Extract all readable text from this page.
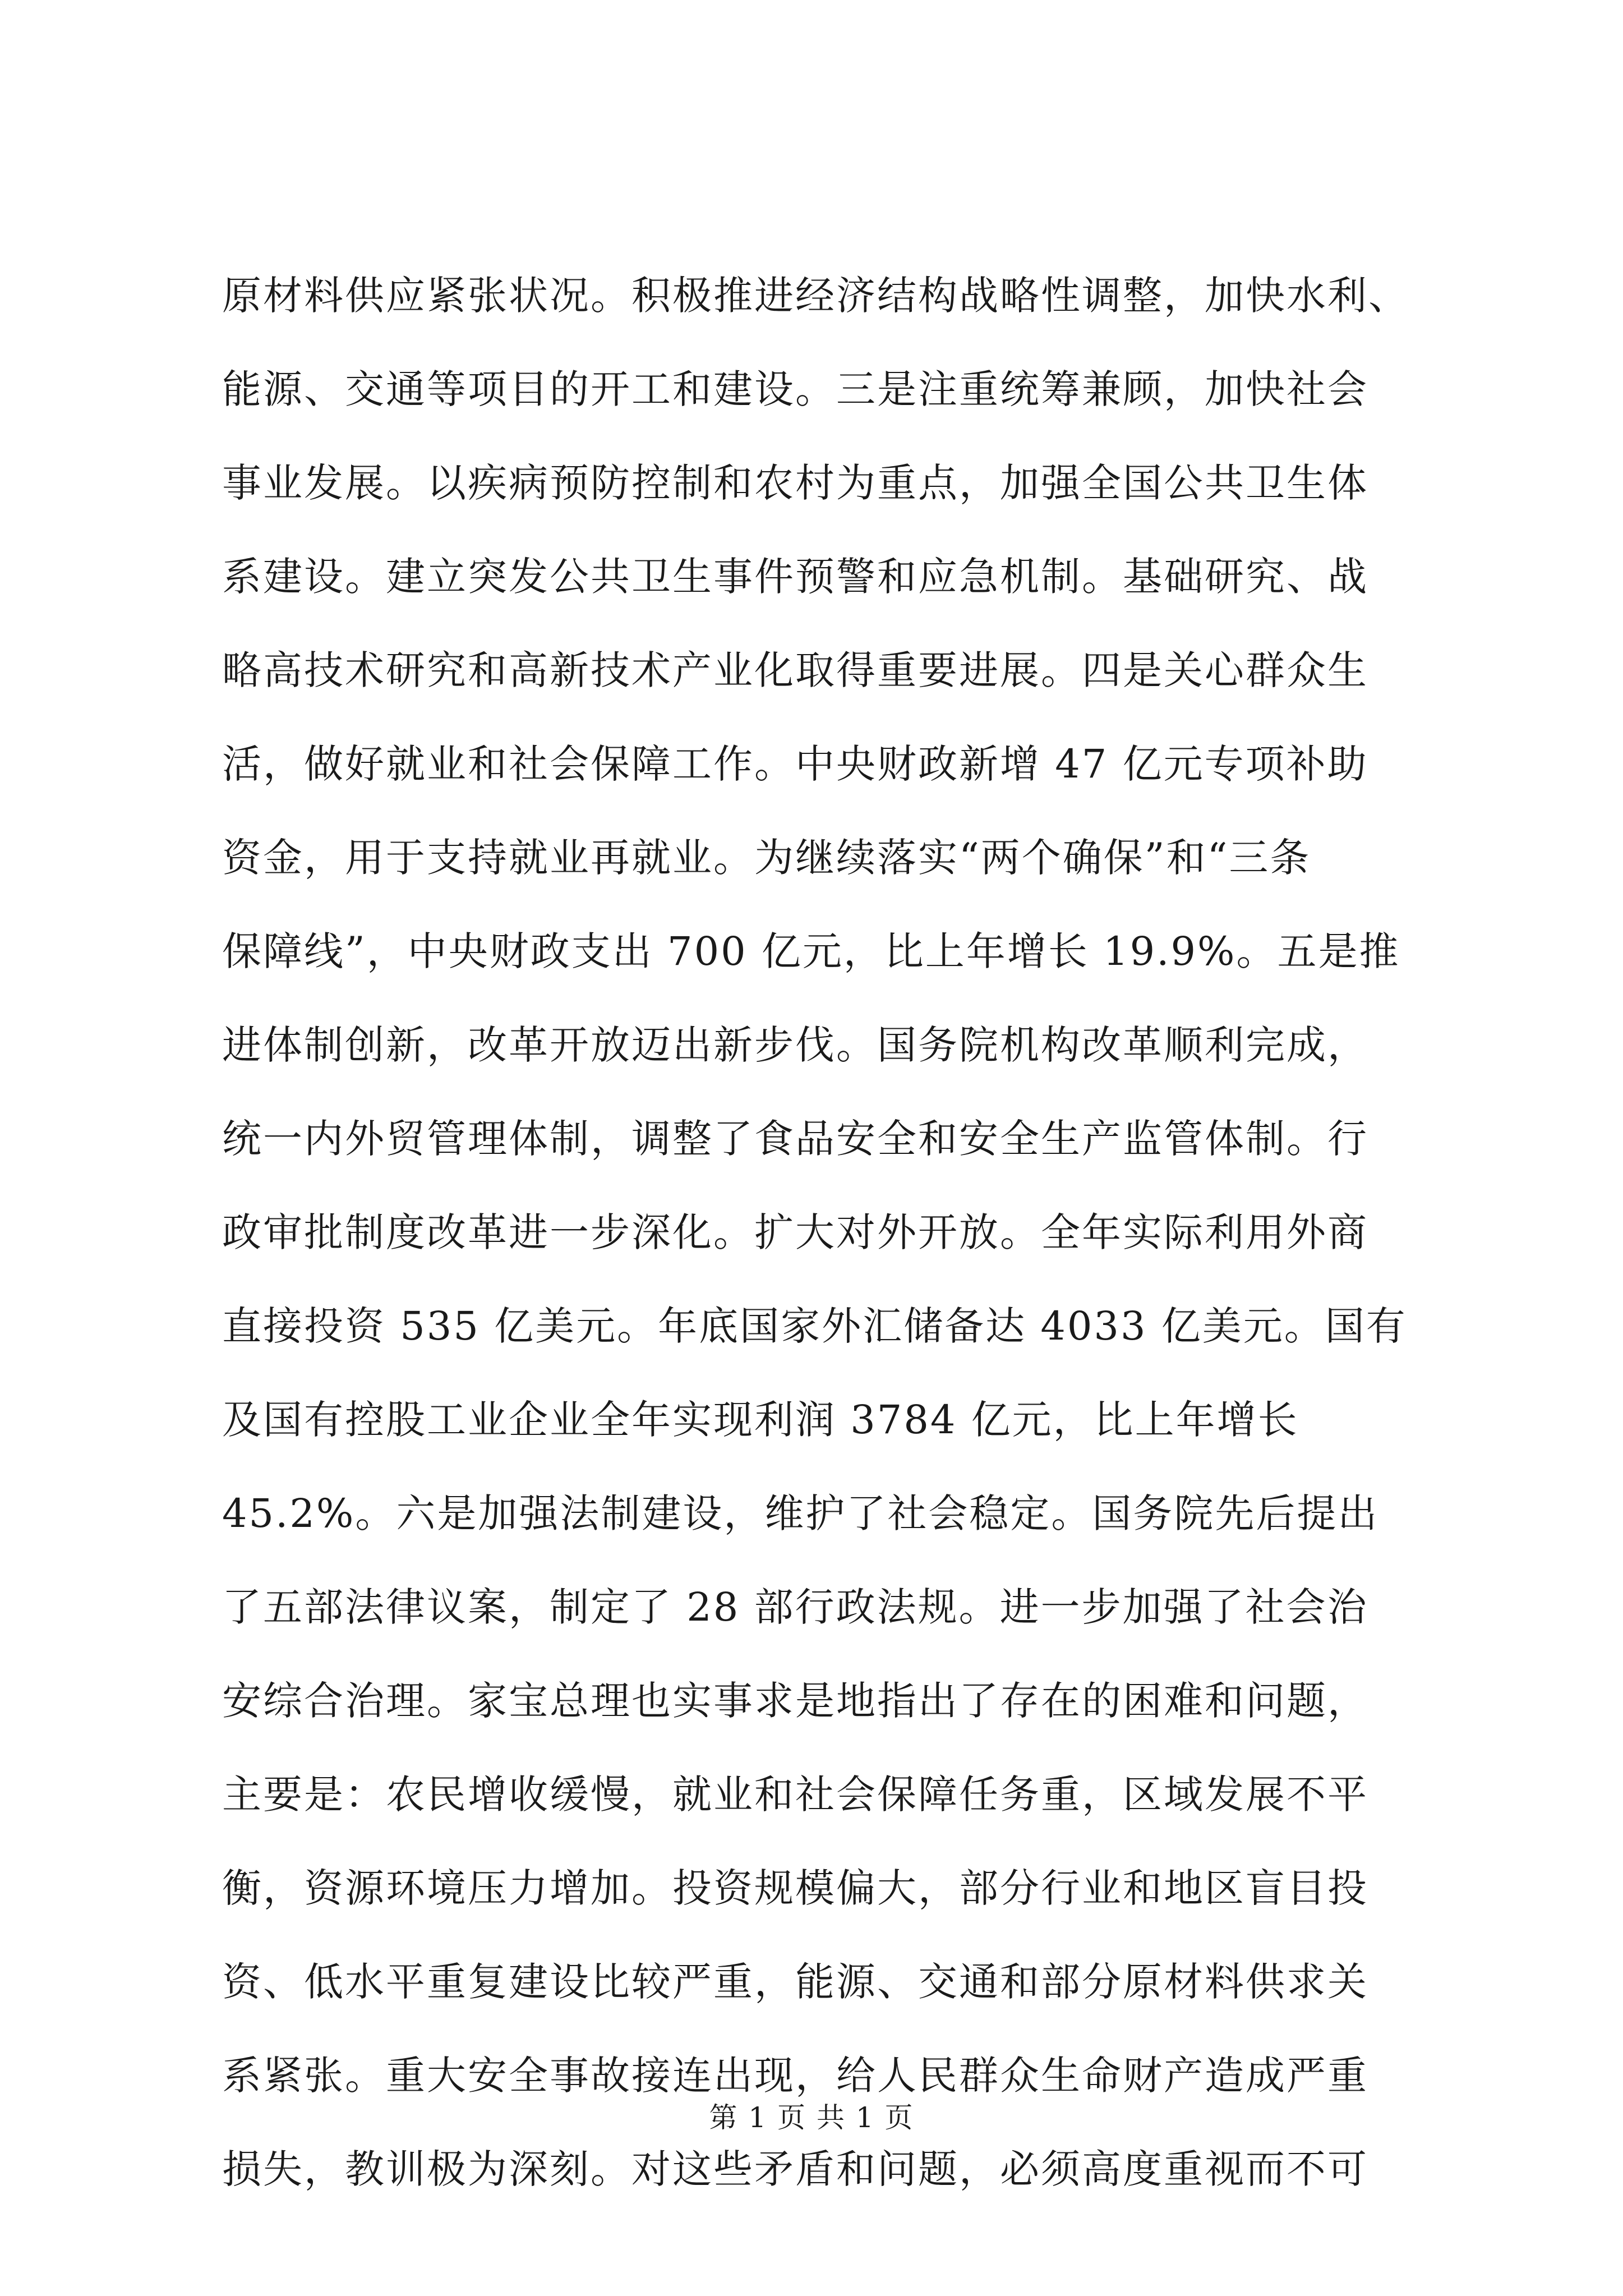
原材料供应紧张状况。积极推进经济结构战略性调整，加快水利、
能源、交通等项目的开工和建设。三是注重统筹兼顾，加快社会
事业发展。以疾病预防控制和农村为重点，加强全国公共卫生体
系建设。建立突发公共卫生事件预警和应急机制。基础研究、战
略高技术研究和高新技术产业化取得重要进展。四是关心群众生
活，做好就业和社会保障工作。中央财政新增 47 亿元专项补助
资金，用于支持就业再就业。为继续落实“两个确保”和“三条
保障线”，中央财政支出 700 亿元，比上年增长 19.9%。五是推
进体制创新，改革开放迈出新步伐。国务院机构改革顺利完成，
统一内外贸管理体制，调整了食品安全和安全生产监管体制。行
政审批制度改革进一步深化。扩大对外开放。全年实际利用外商
直接投资 535 亿美元。年底国家外汇储备达 4033 亿美元。国有
及国有控股工业企业全年实现利润 3784 亿元，比上年增长
45.2%。六是加强法制建设，维护了社会稳定。国务院先后提出
了五部法律议案，制定了 28 部行政法规。进一步加强了社会治
安综合治理。家宝总理也实事求是地指出了存在的困难和问题，
主要是：农民增收缓慢，就业和社会保障任务重，区域发展不平
衡，资源环境压力增加。投资规模偏大，部分行业和地区盲目投
资、低水平重复建设比较严重，能源、交通和部分原材料供求关
系紧张。重大安全事故接连出现，给人民群众生命财产造成严重
损失，教训极为深刻。对这些矛盾和问题，必须高度重视而不可
第 1 页 共 1 页
